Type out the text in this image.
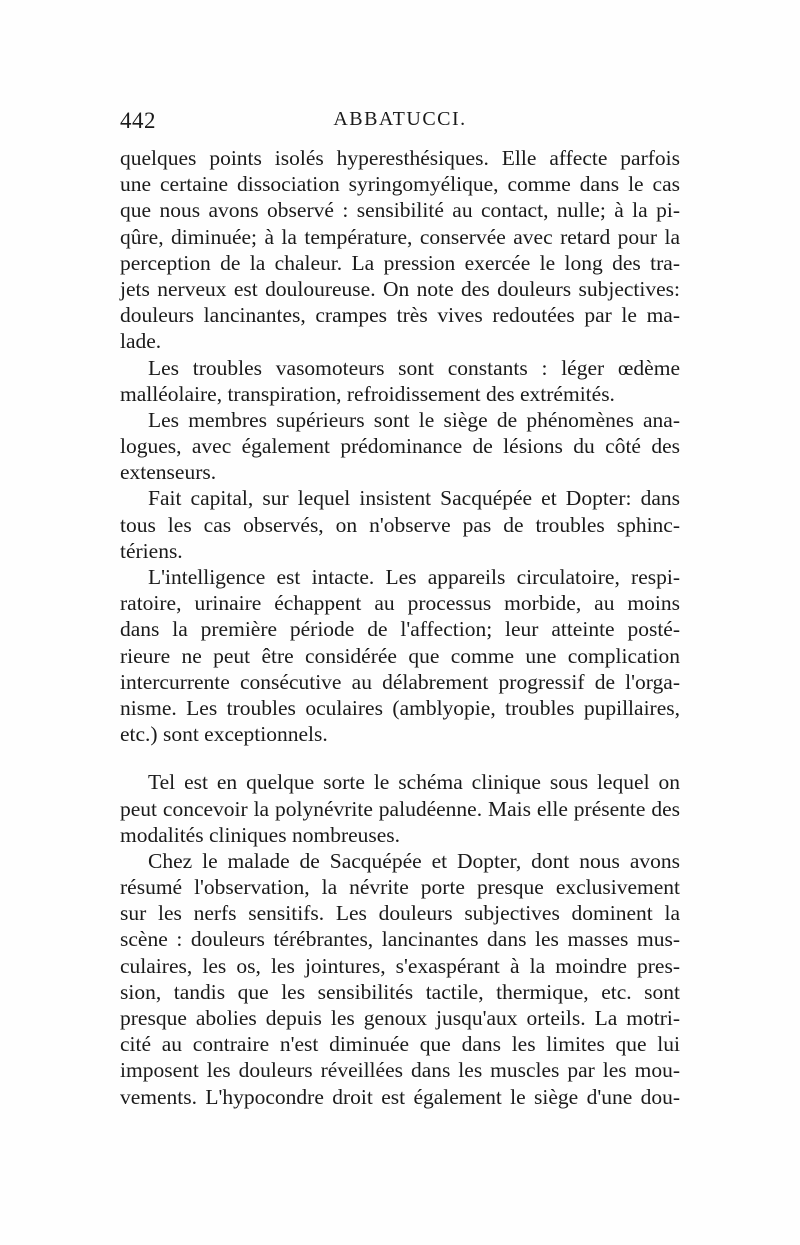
442	ABBATUCCI.
quelques points isolés hyperesthésiques. Elle affecte parfois
une certaine dissociation syringomyélique, comme dans le cas
que nous avons observé : sensibilité au contact, nulle; à la pi-
qûre, diminuée; à la température, conservée avec retard pour la
perception de la chaleur. La pression exercée le long des tra-
jets nerveux est douloureuse. On note des douleurs subjectives:
douleurs lancinantes, crampes très vives redoutées par le ma-
lade.
Les troubles vasomoteurs sont constants : léger œdème
malléolaire, transpiration, refroidissement des extrémités.
Les membres supérieurs sont le siège de phénomènes ana-
logues, avec également prédominance de lésions du côté des
extenseurs.
Fait capital, sur lequel insistent Sacquépée et Dopter: dans
tous les cas observés, on n'observe pas de troubles sphinc-
tériens.
L'intelligence est intacte. Les appareils circulatoire, respi-
ratoire, urinaire échappent au processus morbide, au moins
dans la première période de l'affection; leur atteinte posté-
rieure ne peut être considérée que comme une complication
intercurrente consécutive au délabrement progressif de l'orga-
nisme. Les troubles oculaires (amblyopie, troubles pupillaires,
etc.) sont exceptionnels.
Tel est en quelque sorte le schéma clinique sous lequel on
peut concevoir la polynévrite paludéenne. Mais elle présente des
modalités cliniques nombreuses.
Chez le malade de Sacquépée et Dopter, dont nous avons
résumé l'observation, la névrite porte presque exclusivement
sur les nerfs sensitifs. Les douleurs subjectives dominent la
scène : douleurs térébrantes, lancinantes dans les masses mus-
culaires, les os, les jointures, s'exaspérant à la moindre pres-
sion, tandis que les sensibilités tactile, thermique, etc. sont
presque abolies depuis les genoux jusqu'aux orteils. La motri-
cité au contraire n'est diminuée que dans les limites que lui
imposent les douleurs réveillées dans les muscles par les mou-
vements. L'hypocondre droit est également le siège d'une dou-
